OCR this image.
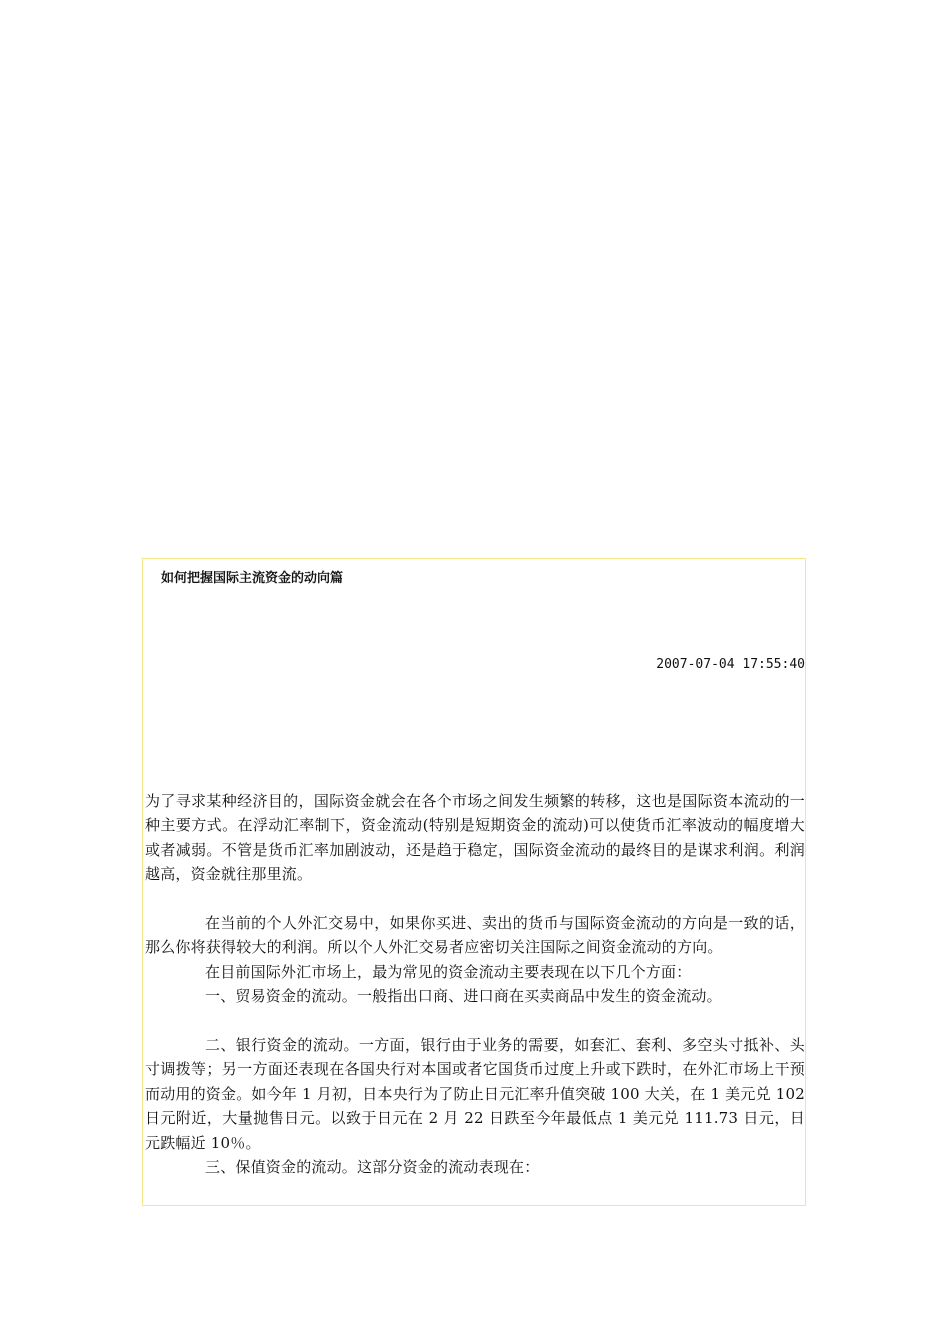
如何把握国际主流资金的动向篇
2007-07-04 17:55:40

为了寻求某种经济目的，国际资金就会在各个市场之间发生频繁的转移，这也是国际资本流动的一种主要方式。在浮动汇率制下，资金流动(特别是短期资金的流动)可以使货币汇率波动的幅度增大或者减弱。不管是货币汇率加剧波动，还是趋于稳定，国际资金流动的最终目的是谋求利润。利润越高，资金就往那里流。

在当前的个人外汇交易中，如果你买进、卖出的货币与国际资金流动的方向是一致的话，那么你将获得较大的利润。所以个人外汇交易者应密切关注国际之间资金流动的方向。

在目前国际外汇市场上，最为常见的资金流动主要表现在以下几个方面：

一、贸易资金的流动。一般指出口商、进口商在买卖商品中发生的资金流动。

二、银行资金的流动。一方面，银行由于业务的需要，如套汇、套利、多空头寸抵补、头寸调拨等；另一方面还表现在各国央行对本国或者它国货币过度上升或下跌时，在外汇市场上干预而动用的资金。如今年 1 月初，日本央行为了防止日元汇率升值突破 100 大关，在 1 美元兑 102 日元附近，大量抛售日元。以致于日元在 2 月 22 日跌至今年最低点 1 美元兑 111.73 日元，日元跌幅近 10％。

三、保值资金的流动。这部分资金的流动表现在：
